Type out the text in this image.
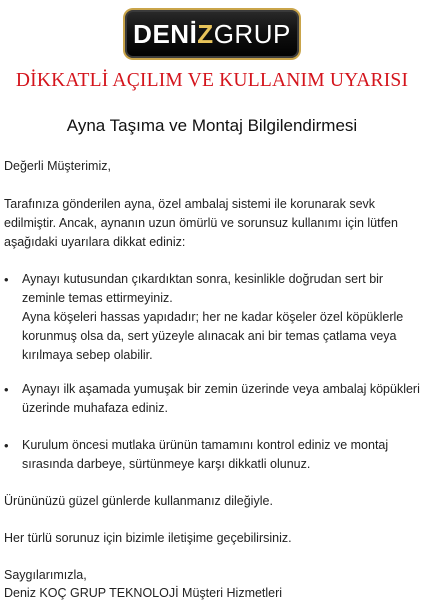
DENİZGRUP
DİKKATLİ AÇILIM VE KULLANIM UYARISI
Ayna Taşıma ve Montaj Bilgilendirmesi
Değerli Müşterimiz,
Tarafınıza gönderilen ayna, özel ambalaj sistemi ile korunarak sevk edilmiştir. Ancak, aynanın uzun ömürlü ve sorunsuz kullanımı için lütfen aşağıdaki uyarılara dikkat ediniz:
• Aynayı kutusundan çıkardıktan sonra, kesinlikle doğrudan sert bir zeminle temas ettirmeyiniz.
Ayna köşeleri hassas yapıdadır; her ne kadar köşeler özel köpüklerle korunmuş olsa da, sert yüzeyle alınacak ani bir temas çatlama veya kırılmaya sebep olabilir.
• Aynayı ilk aşamada yumuşak bir zemin üzerinde veya ambalaj köpükleri üzerinde muhafaza ediniz.
• Kurulum öncesi mutlaka ürünün tamamını kontrol ediniz ve montaj sırasında darbeye, sürtünmeye karşı dikkatli olunuz.
Ürününüzü güzel günlerde kullanmanız dileğiyle.
Her türlü sorunuz için bizimle iletişime geçebilirsiniz.
Saygılarımızla,
Deniz KOÇ GRUP TEKNOLOJİ Müşteri Hizmetleri
